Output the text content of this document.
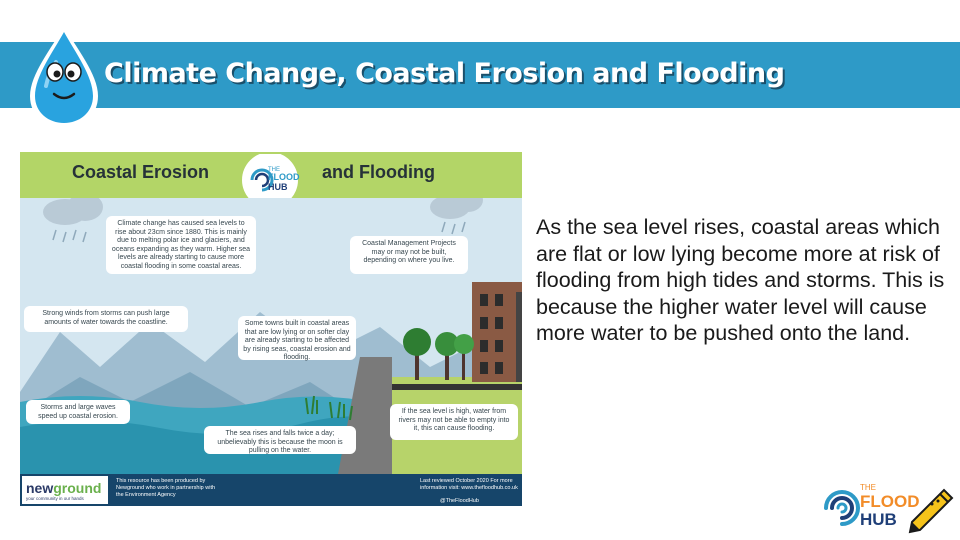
Climate Change, Coastal Erosion and Flooding
Coastal Erosion	and Flooding
THE
FLOOD
HUB
Climate change has caused sea levels to rise about 23cm since 1880. This is mainly due to melting polar ice and glaciers, and oceans expanding as they warm. Higher sea levels are already starting to cause more coastal flooding in some coastal areas.
Coastal Management Projects may or may not be built, depending on where you live.
Strong winds from storms can push large amounts of water towards the coastline.	Some towns built in coastal areas that are low lying or on softer clay are already starting to be affected by rising seas, coastal erosion and flooding.
Storms and large waves speed up coastal erosion.
The sea rises and falls twice a day; unbelievably this is because the moon is pulling on the water.
If the sea level is high, water from rivers may not be able to empty into it, this can cause flooding.
newground
your community in our hands
This resource has been produced by Newground who work in partnership with the Environment Agency
Last reviewed October 2020 For more information visit: www.thefloodhub.co.uk
@TheFloodHub
As the sea level rises, coastal areas which are flat or low lying become more at risk of flooding from high tides and storms. This is because the higher water level will cause more water to be pushed onto the land.
THE
FLOOD
HUB
